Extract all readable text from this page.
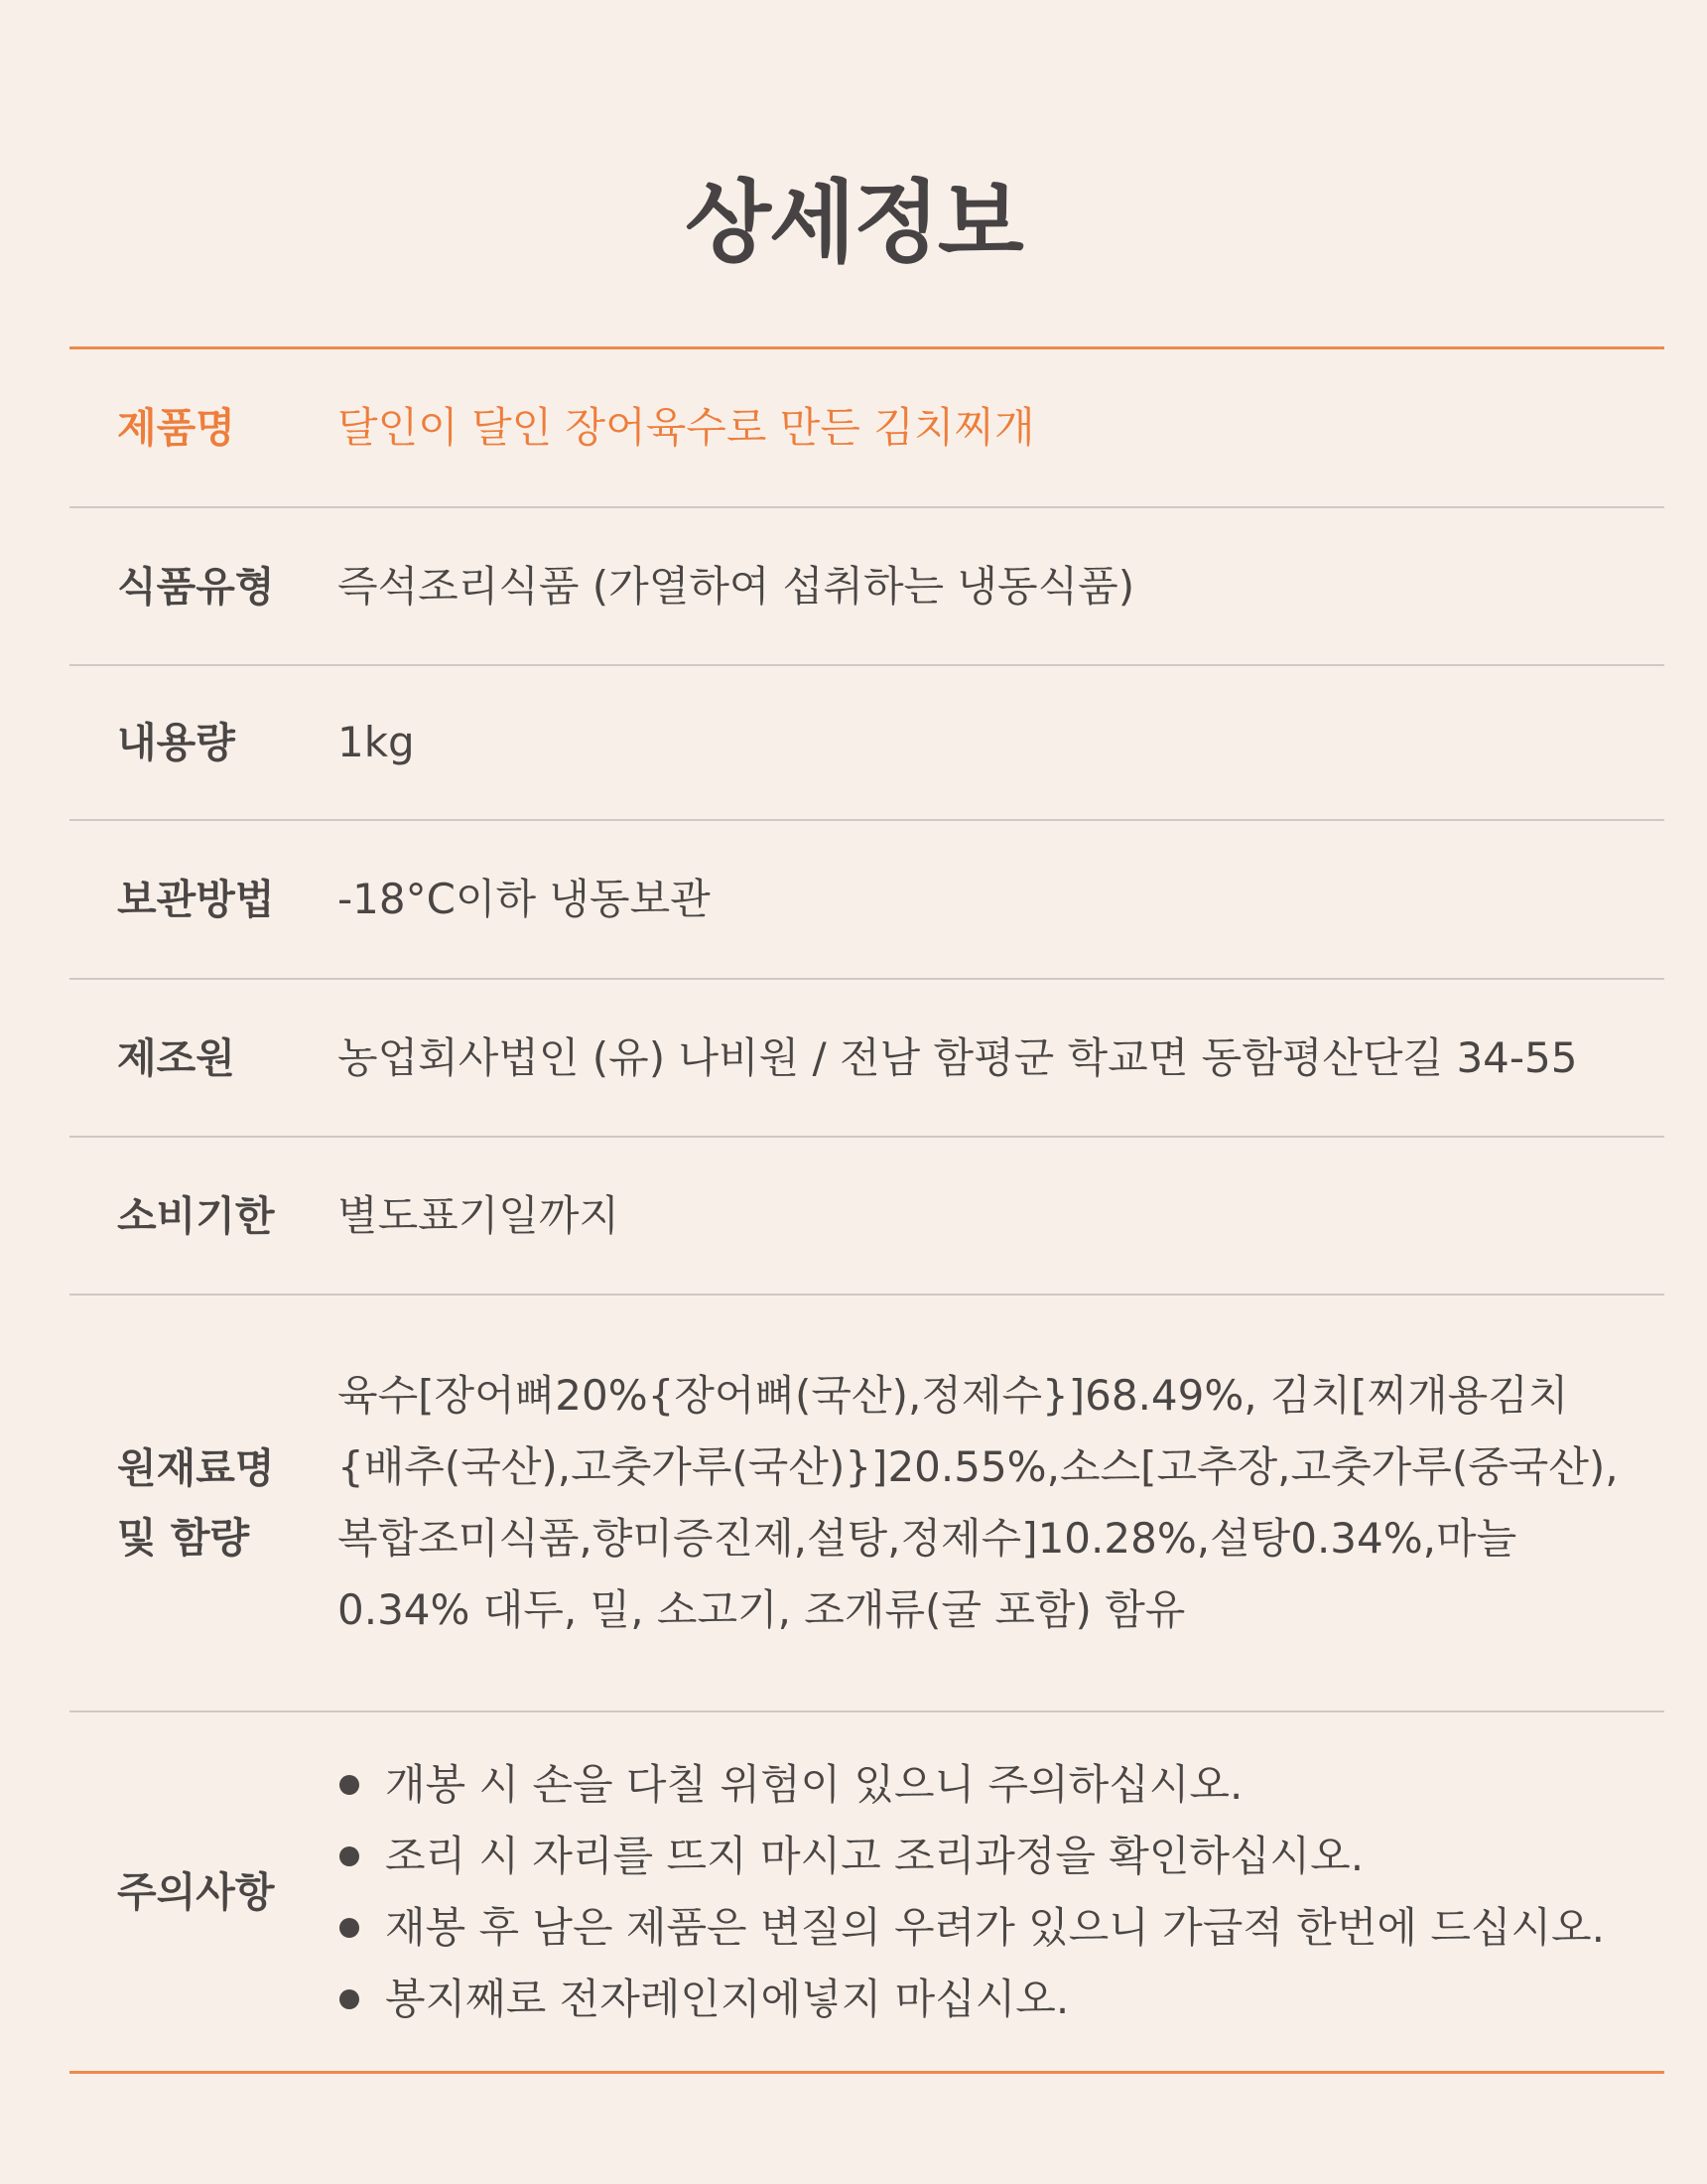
상세정보
제품명 달인이 달인 장어육수로 만든 김치찌개
식품유형 즉석조리식품 (가열하여 섭취하는 냉동식품)
내용량 1kg
보관방법 -18°C이하 냉동보관
제조원 농업회사법인 (유) 나비원 / 전남 함평군 학교면 동함평산단길 34-55
소비기한 별도표기일까지
원재료명 및 함량
육수[장어뼈20%{장어뼈(국산),정제수}]68.49%, 김치[찌개용김치{배추(국산),고춧가루(국산)}]20.55%,소스[고추장,고춧가루(중국산),복합조미식품,향미증진제,설탕,정제수]10.28%,설탕0.34%,마늘0.34% 대두, 밀, 소고기, 조개류(굴 포함) 함유
주의사항
개봉 시 손을 다칠 위험이 있으니 주의하십시오.
조리 시 자리를 뜨지 마시고 조리과정을 확인하십시오.
재봉 후 남은 제품은 변질의 우려가 있으니 가급적 한번에 드십시오.
봉지째로 전자레인지에넣지 마십시오.
